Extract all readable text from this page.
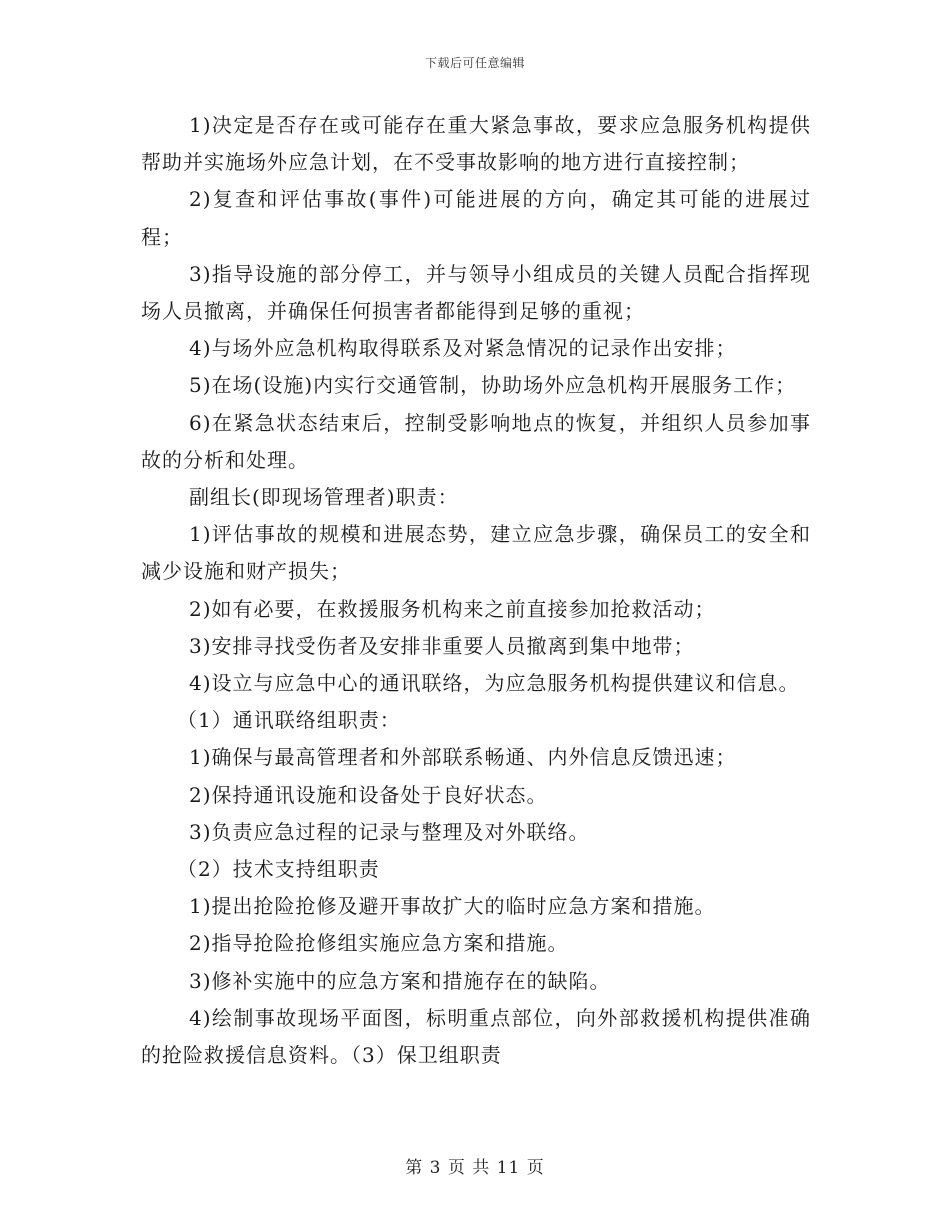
下载后可任意编辑

1)决定是否存在或可能存在重大紧急事故，要求应急服务机构提供帮助并实施场外应急计划，在不受事故影响的地方进行直接控制；

2)复查和评估事故(事件)可能进展的方向，确定其可能的进展过程；

3)指导设施的部分停工，并与领导小组成员的关键人员配合指挥现场人员撤离，并确保任何损害者都能得到足够的重视；

4)与场外应急机构取得联系及对紧急情况的记录作出安排；

5)在场(设施)内实行交通管制，协助场外应急机构开展服务工作；

6)在紧急状态结束后，控制受影响地点的恢复，并组织人员参加事故的分析和处理。

副组长(即现场管理者)职责：

1)评估事故的规模和进展态势，建立应急步骤，确保员工的安全和减少设施和财产损失；

2)如有必要，在救援服务机构来之前直接参加抢救活动；

3)安排寻找受伤者及安排非重要人员撤离到集中地带；

4)设立与应急中心的通讯联络，为应急服务机构提供建议和信息。

（1）通讯联络组职责：

1)确保与最高管理者和外部联系畅通、内外信息反馈迅速；

2)保持通讯设施和设备处于良好状态。

3)负责应急过程的记录与整理及对外联络。

（2）技术支持组职责

1)提出抢险抢修及避开事故扩大的临时应急方案和措施。

2)指导抢险抢修组实施应急方案和措施。

3)修补实施中的应急方案和措施存在的缺陷。

4)绘制事故现场平面图，标明重点部位，向外部救援机构提供准确的抢险救援信息资料。（3）保卫组职责

第 3 页 共 11 页
